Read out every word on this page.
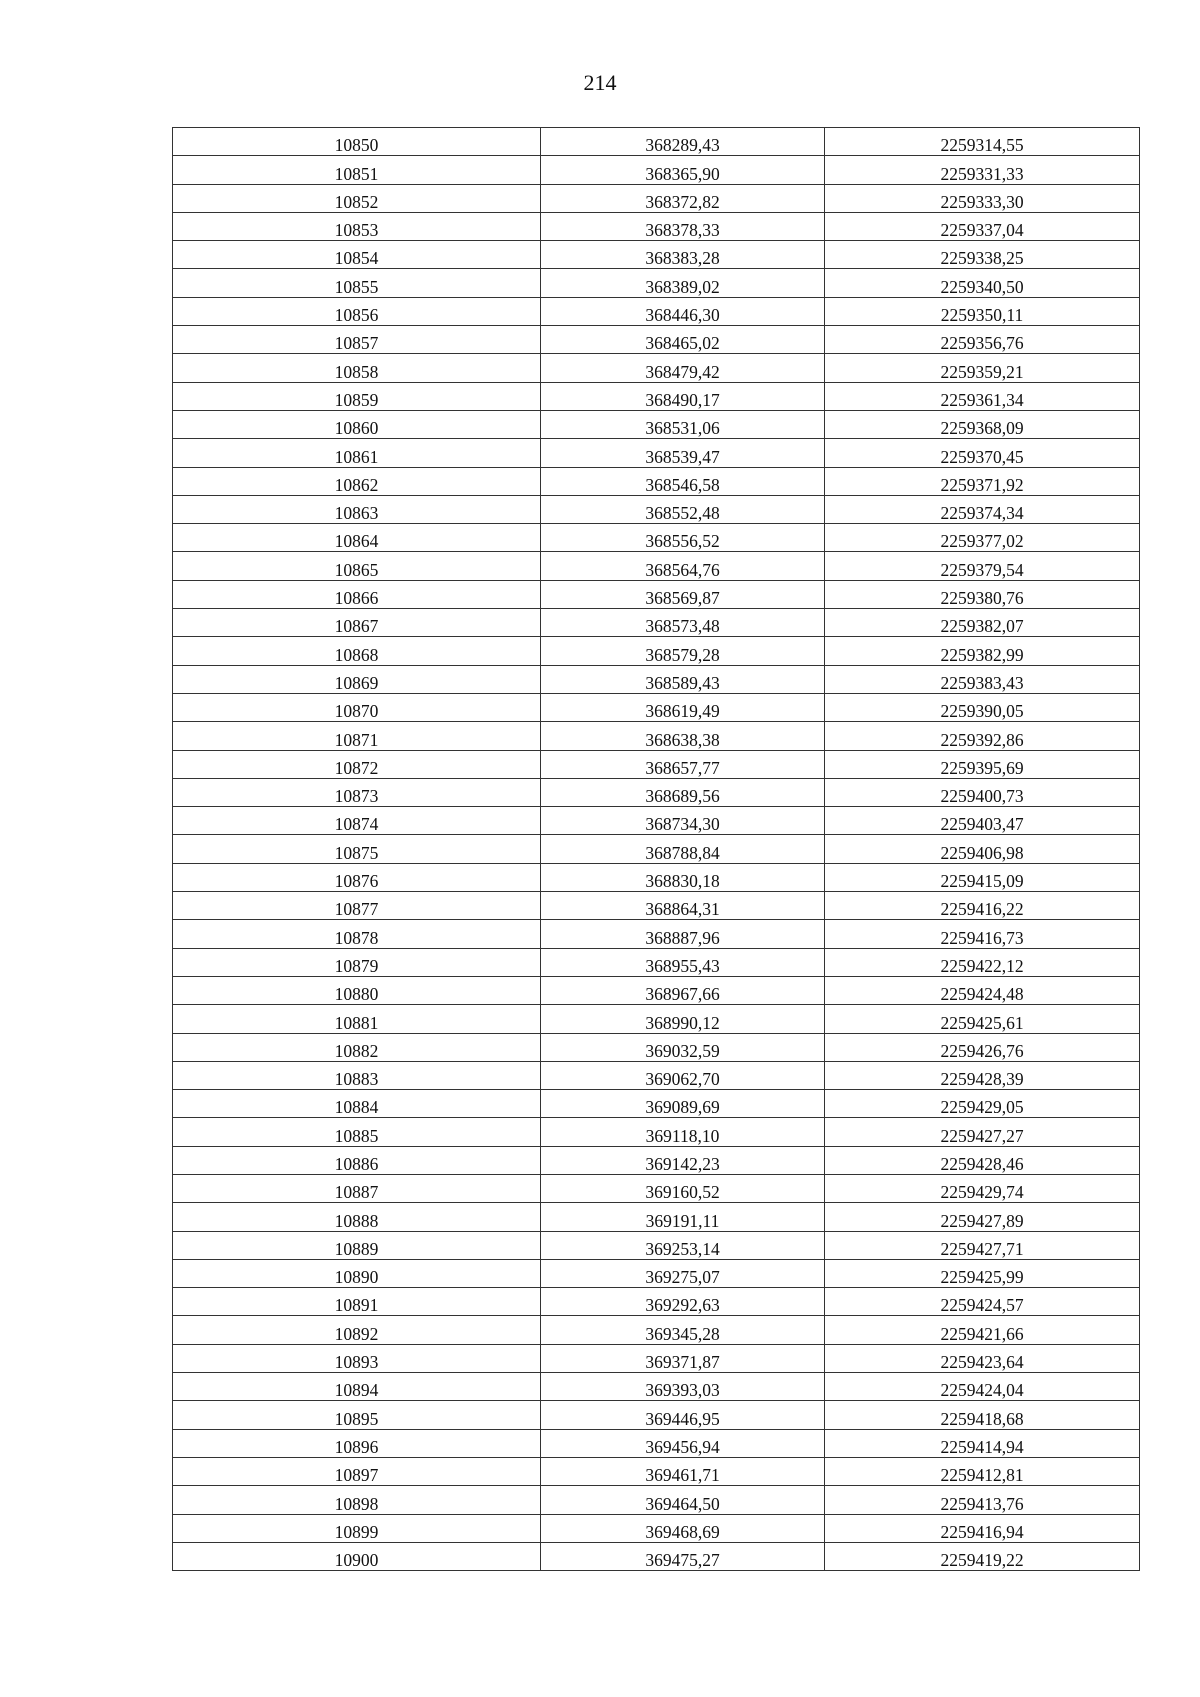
214
10850	368289,43	2259314,55
10851	368365,90	2259331,33
10852	368372,82	2259333,30
10853	368378,33	2259337,04
10854	368383,28	2259338,25
10855	368389,02	2259340,50
10856	368446,30	2259350,11
10857	368465,02	2259356,76
10858	368479,42	2259359,21
10859	368490,17	2259361,34
10860	368531,06	2259368,09
10861	368539,47	2259370,45
10862	368546,58	2259371,92
10863	368552,48	2259374,34
10864	368556,52	2259377,02
10865	368564,76	2259379,54
10866	368569,87	2259380,76
10867	368573,48	2259382,07
10868	368579,28	2259382,99
10869	368589,43	2259383,43
10870	368619,49	2259390,05
10871	368638,38	2259392,86
10872	368657,77	2259395,69
10873	368689,56	2259400,73
10874	368734,30	2259403,47
10875	368788,84	2259406,98
10876	368830,18	2259415,09
10877	368864,31	2259416,22
10878	368887,96	2259416,73
10879	368955,43	2259422,12
10880	368967,66	2259424,48
10881	368990,12	2259425,61
10882	369032,59	2259426,76
10883	369062,70	2259428,39
10884	369089,69	2259429,05
10885	369118,10	2259427,27
10886	369142,23	2259428,46
10887	369160,52	2259429,74
10888	369191,11	2259427,89
10889	369253,14	2259427,71
10890	369275,07	2259425,99
10891	369292,63	2259424,57
10892	369345,28	2259421,66
10893	369371,87	2259423,64
10894	369393,03	2259424,04
10895	369446,95	2259418,68
10896	369456,94	2259414,94
10897	369461,71	2259412,81
10898	369464,50	2259413,76
10899	369468,69	2259416,94
10900	369475,27	2259419,22
